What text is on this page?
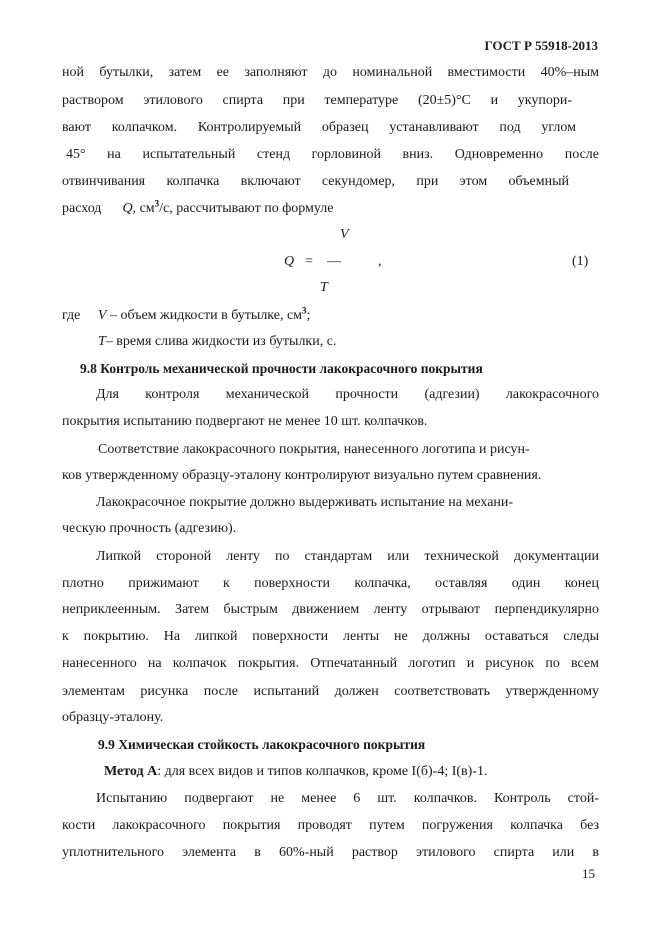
ГОСТ Р 55918-2013
ной бутылки, затем ее заполняют до номинальной вместимости 40%–ным
раствором этилового спирта при температуре (20±5)°C и укупори-
вают колпачком. Контролируемый образец устанавливают под углом
45° на испытательный стенд горловиной вниз. Одновременно после
отвинчивания колпачка включают секундомер, при этом объемный
расход Q, $см^3/с$, рассчитывают по формуле
V
Q = —	,
T
(1)
где V – объем жидкости в бутылке, $см^3$;
T– время слива жидкости из бутылки, с.
9.8 Контроль механической прочности лакокрасочного покрытия
Для контроля механической прочности (адгезии) лакокрасочного
покрытия испытанию подвергают не менее 10 шт. колпачков.
Соответствие лакокрасочного покрытия, нанесенного логотипа и рисун-
ков утвержденному образцу-эталону контролируют визуально путем сравнения.
Лакокрасочное покрытие должно выдерживать испытание на механи-
ческую прочность (адгезию).
Липкой стороной ленту по стандартам или технической документации
плотно прижимают к поверхности колпачка, оставляя один конец
неприклеенным. Затем быстрым движением ленту отрывают перпендикулярно
к покрытию. На липкой поверхности ленты не должны оставаться следы
нанесенного на колпачок покрытия. Отпечатанный логотип и рисунок по всем
элементам рисунка после испытаний должен соответствовать утвержденному
образцу-эталону.
9.9 Химическая стойкость лакокрасочного покрытия
Метод А: для всех видов и типов колпачков, кроме I(б)-4; I(в)-1.
Испытанию подвергают не менее 6 шт. колпачков. Контроль стой-
кости лакокрасочного покрытия проводят путем погружения колпачка без
уплотнительного элемента в 60%-ный раствор этилового спирта или в
15
